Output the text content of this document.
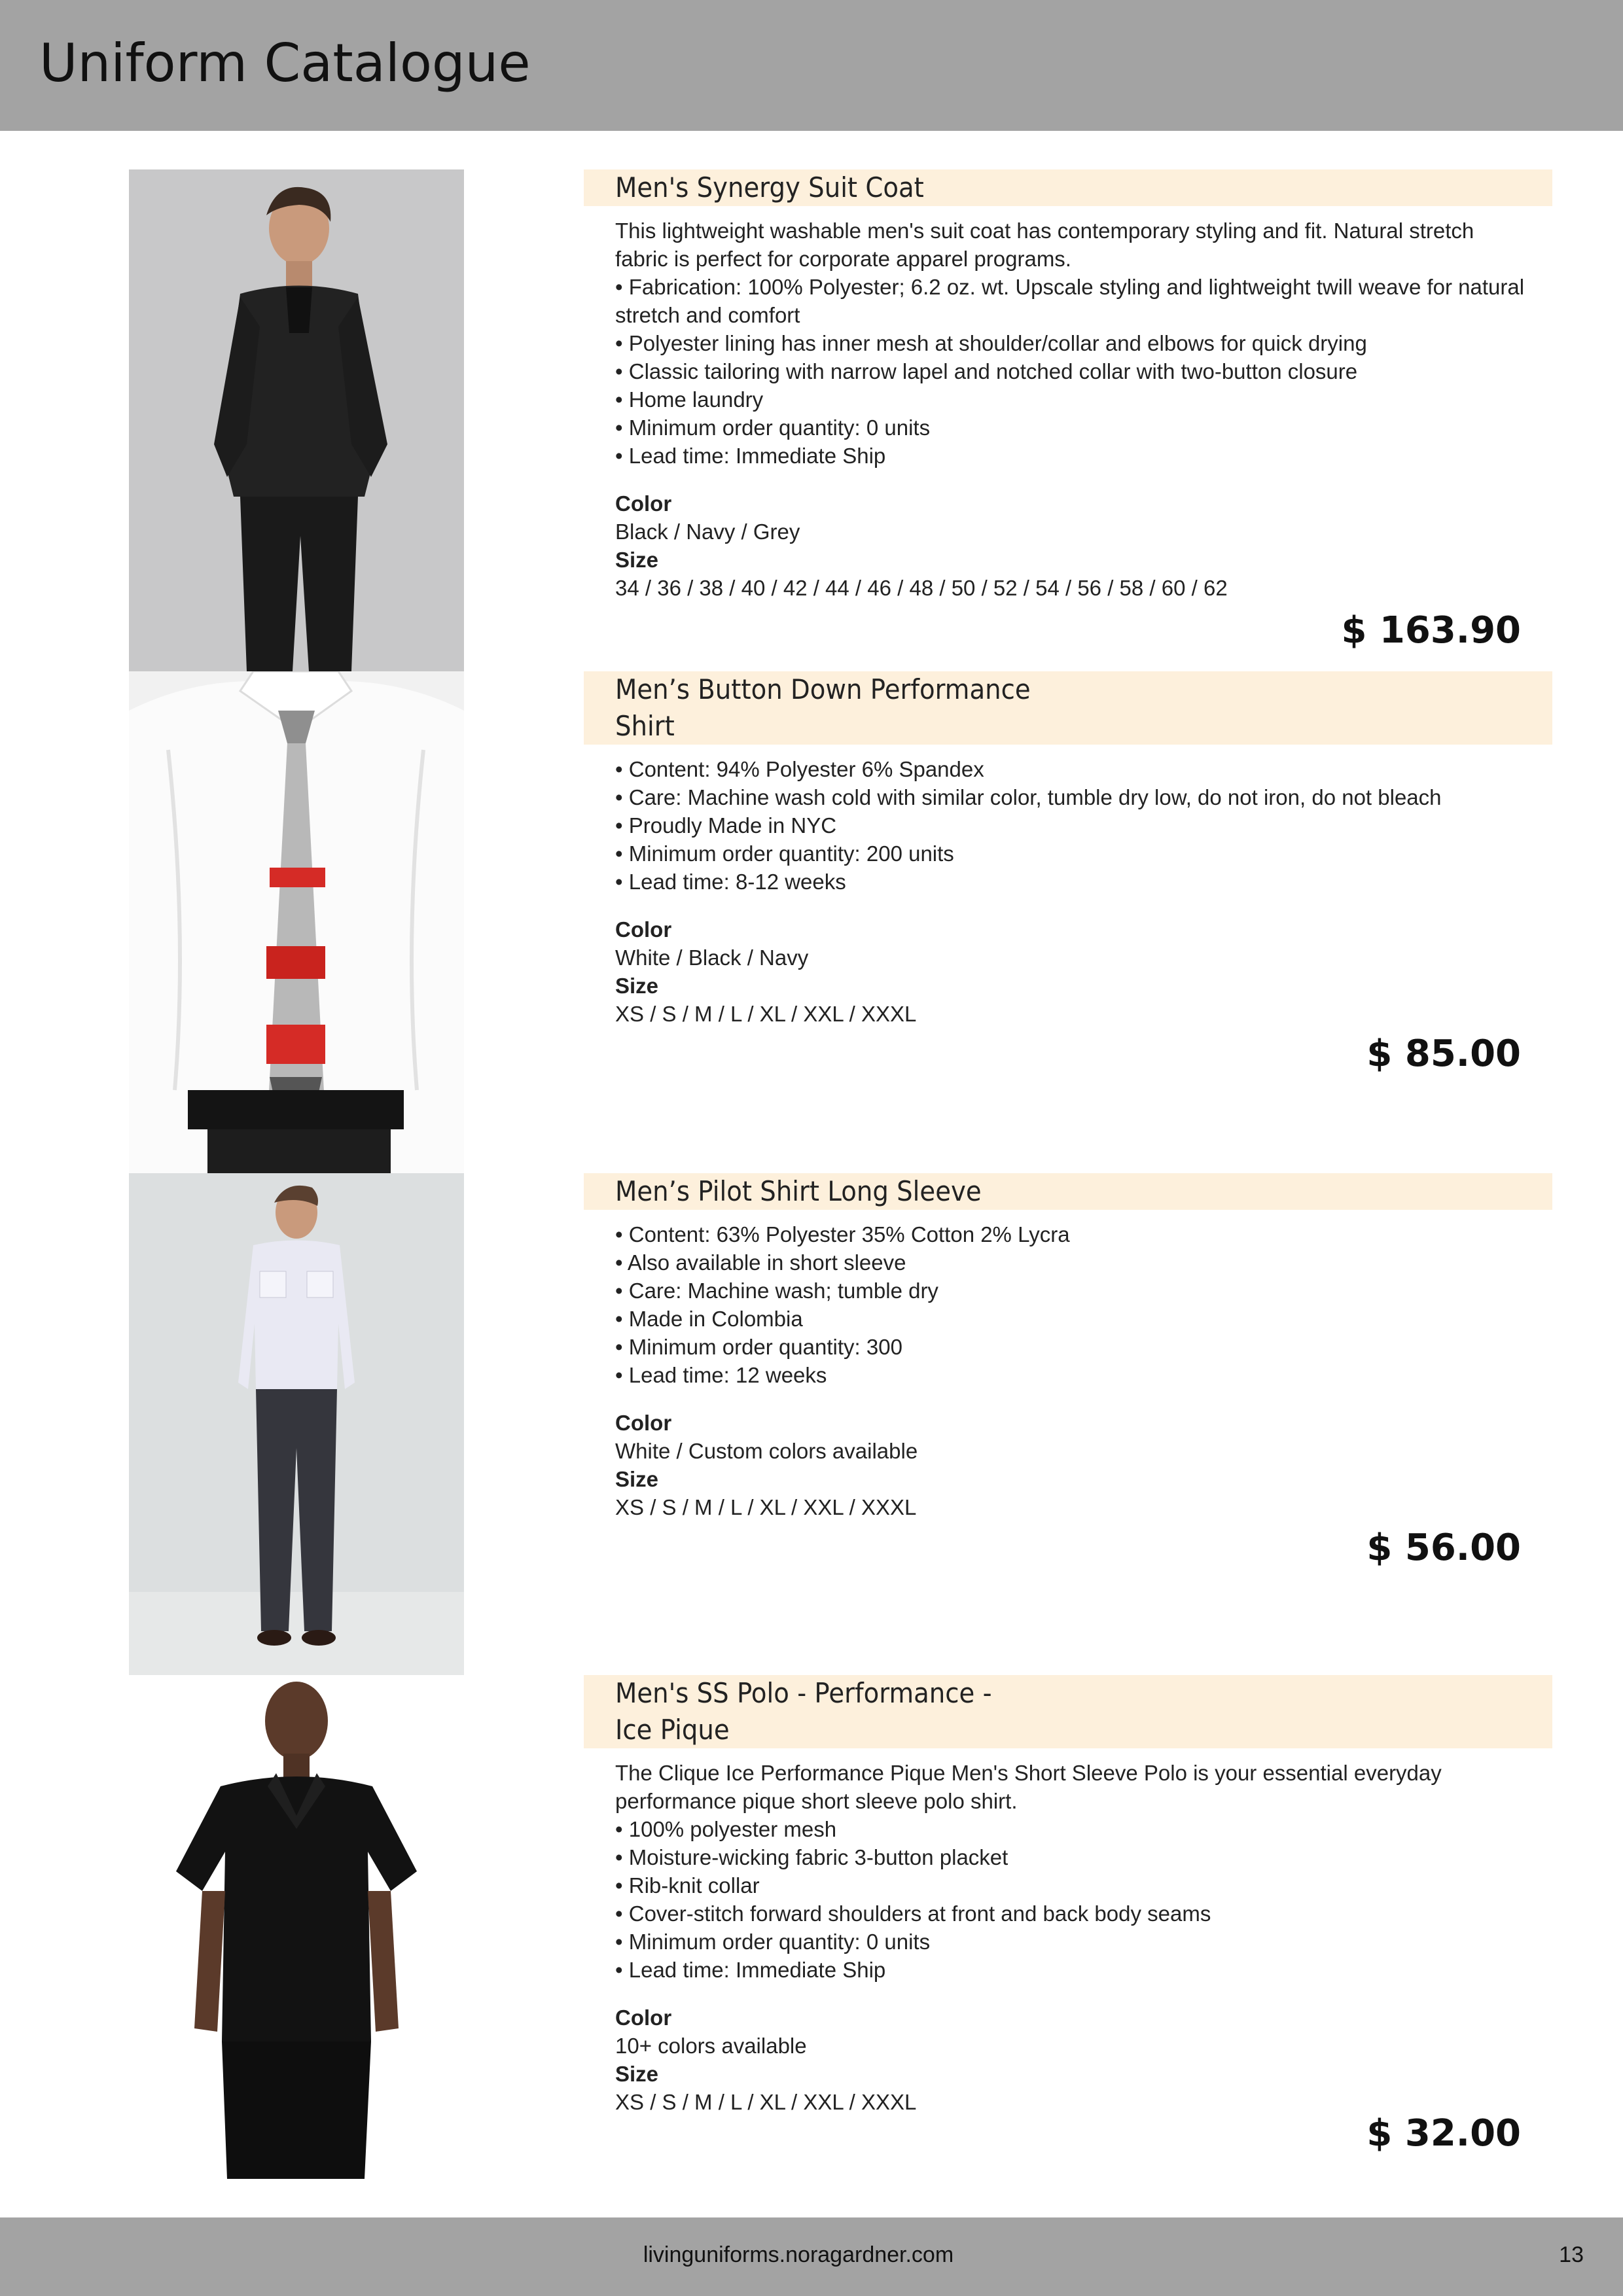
Uniform Catalogue
Men's Synergy Suit Coat

This lightweight washable men's suit coat has contemporary styling and fit. Natural stretch fabric is perfect for corporate apparel programs.

• Fabrication: 100% Polyester; 6.2 oz. wt. Upscale styling and lightweight twill weave for natural stretch and comfort
• Polyester lining has inner mesh at shoulder/collar and elbows for quick drying
• Classic tailoring with narrow lapel and notched collar with two-button closure
• Home laundry
• Minimum order quantity: 0 units
• Lead time: Immediate Ship
Color
Black / Navy / Grey
Size
34 / 36 / 38 / 40 / 42 / 44 / 46 / 48 / 50 / 52 / 54 / 56 / 58 / 60 / 62
$ 163.90
Men’s Button Down Performance Shirt
• Content: 94% Polyester 6% Spandex
• Care: Machine wash cold with similar color, tumble dry low, do not iron, do not bleach
• Proudly Made in NYC
• Minimum order quantity: 200 units
• Lead time: 8-12 weeks
Color
White / Black / Navy
Size
XS / S / M / L / XL / XXL / XXXL
$ 85.00
Men’s Pilot Shirt Long Sleeve
• Content: 63% Polyester 35% Cotton 2% Lycra
• Also available in short sleeve
• Care: Machine wash; tumble dry
• Made in Colombia
• Minimum order quantity: 300
• Lead time: 12 weeks
Color
White / Custom colors available
Size
XS / S / M / L / XL / XXL / XXXL
$ 56.00
Men's SS Polo - Performance - Ice Pique

The Clique Ice Performance Pique Men's Short Sleeve Polo is your essential everyday performance pique short sleeve polo shirt.

• 100% polyester mesh
• Moisture-wicking fabric 3-button placket
• Rib-knit collar
• Cover-stitch forward shoulders at front and back body seams
• Minimum order quantity: 0 units
• Lead time: Immediate Ship
Color
10+ colors available
Size
XS / S / M / L / XL / XXL / XXXL
$ 32.00
livinguniforms.noragardner.com	13
